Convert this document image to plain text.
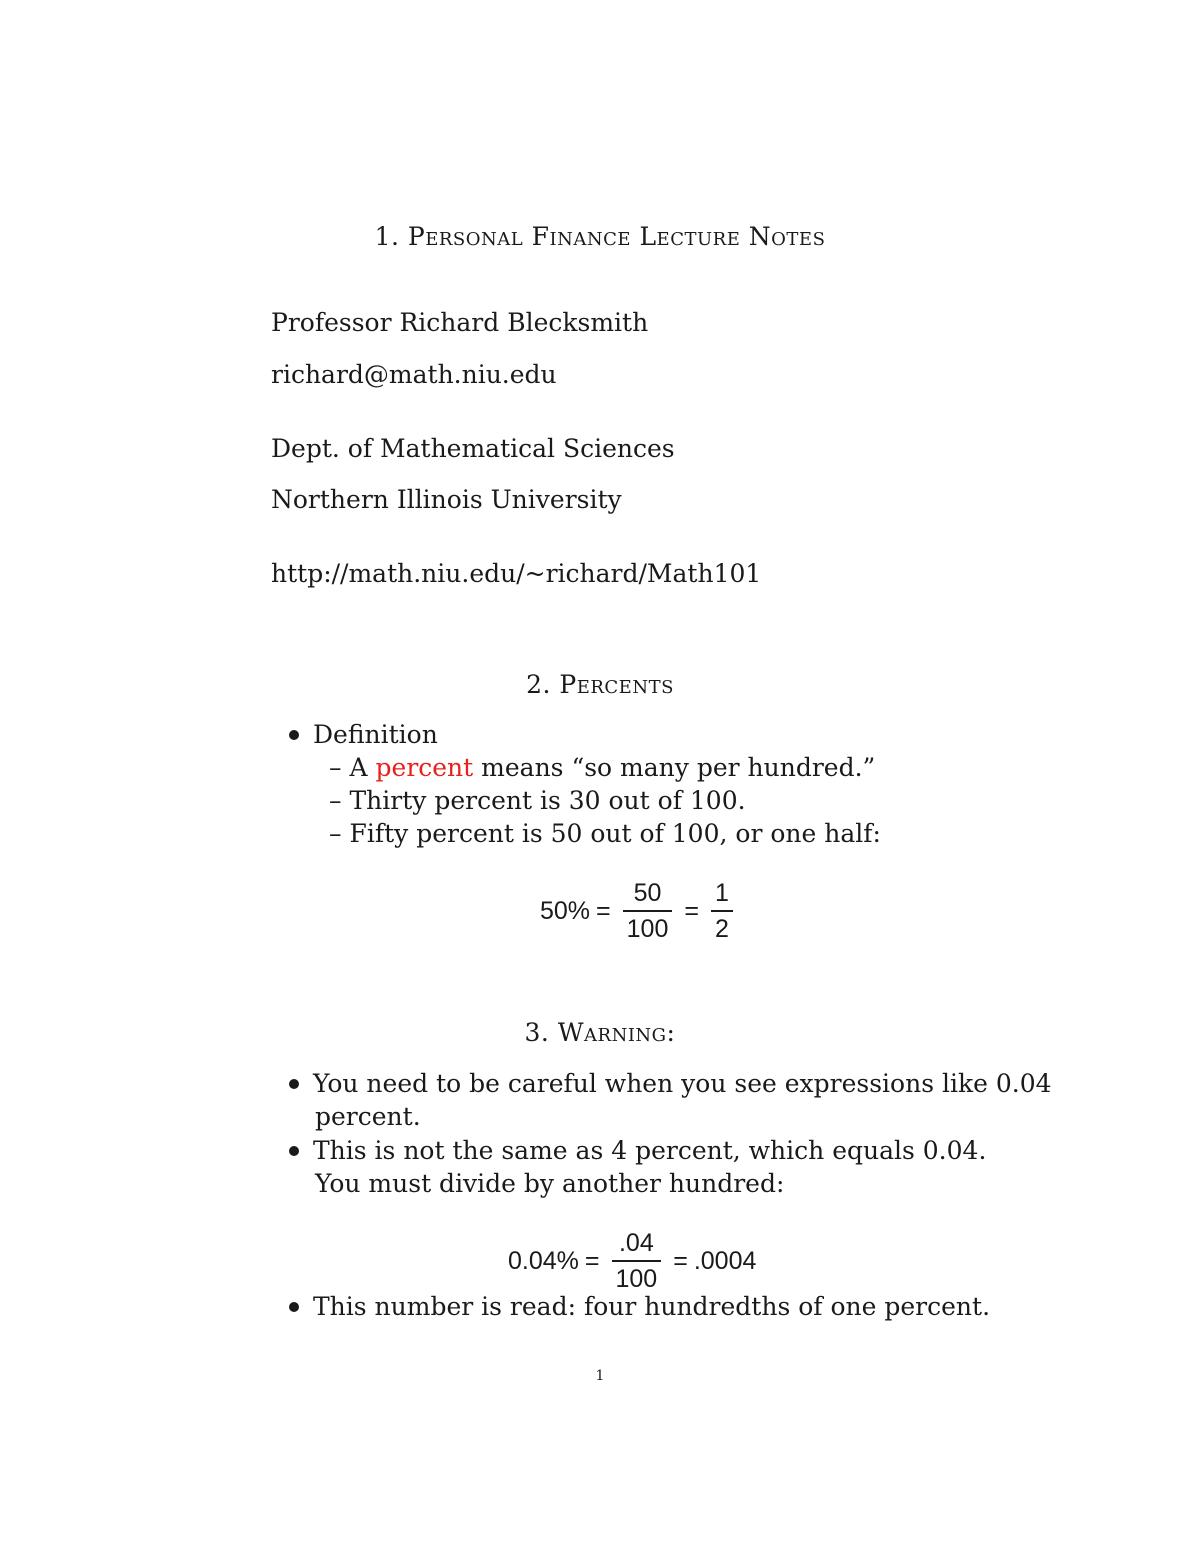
1. Personal Finance Lecture Notes
Professor Richard Blecksmith
richard@math.niu.edu
Dept. of Mathematical Sciences
Northern Illinois University
http://math.niu.edu/~richard/Math101
2. Percents
Definition
– A percent means “so many per hundred.”
– Thirty percent is 30 out of 100.
– Fifty percent is 50 out of 100, or one half:
$50\% = \frac{50}{100} = \frac{1}{2}$
3. Warning:
You need to be careful when you see expressions like 0.04
percent.
This is not the same as 4 percent, which equals 0.04.
You must divide by another hundred:
$0.04\% = \frac{.04}{100} = .0004$
This number is read: four hundredths of one percent.
1
